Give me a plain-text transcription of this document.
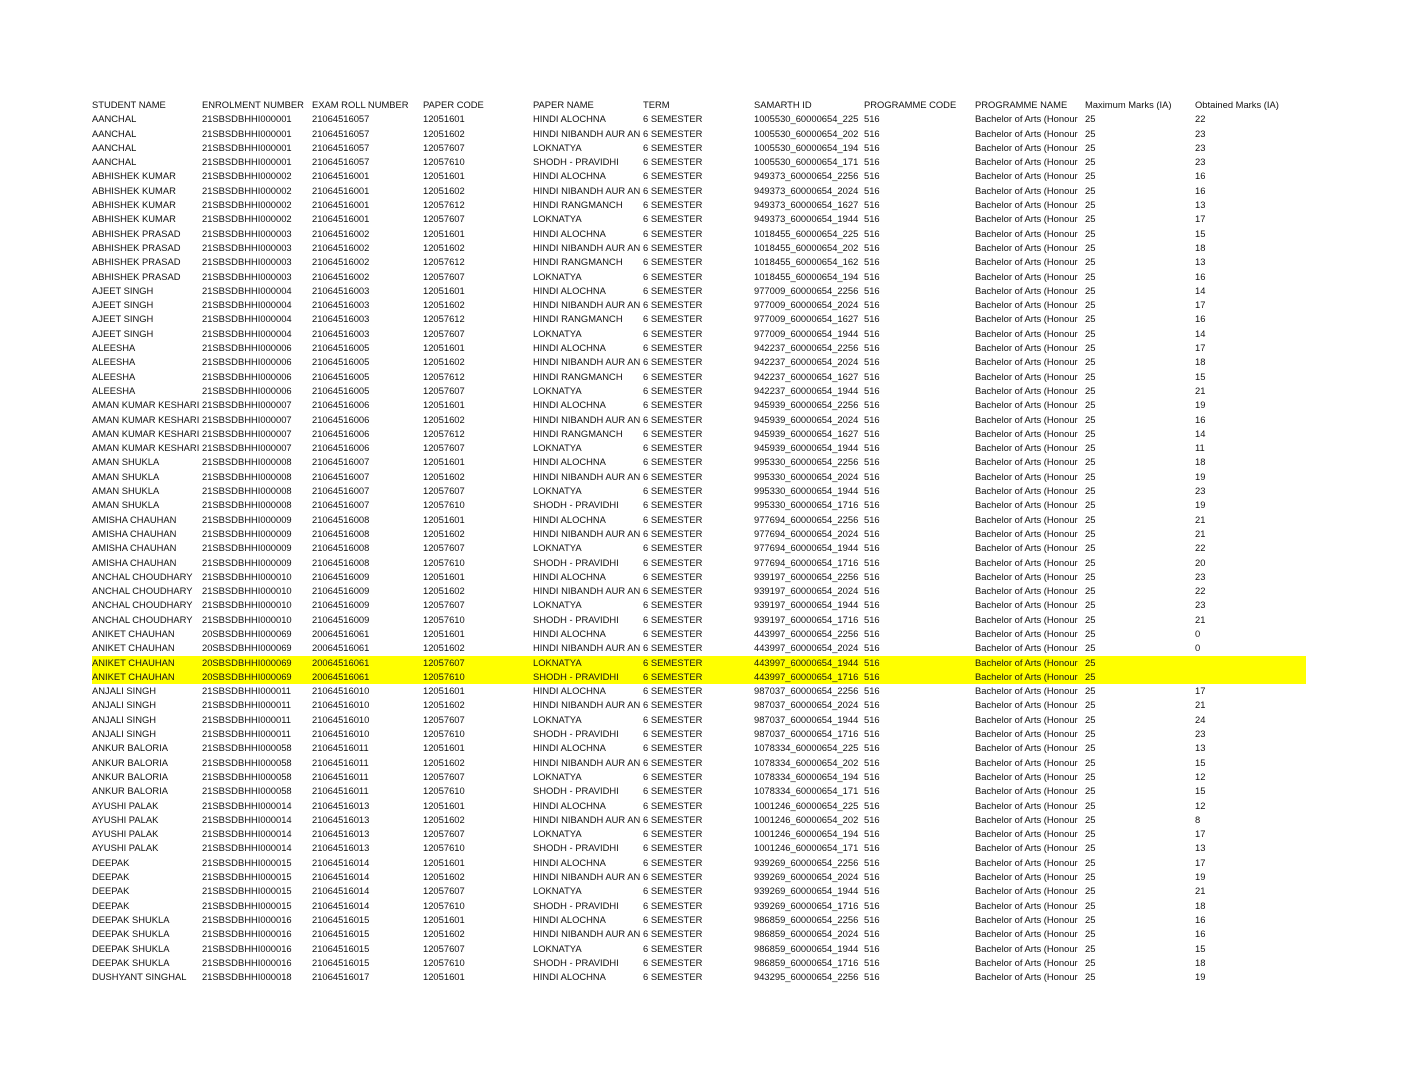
STUDENT NAME	ENROLMENT NUMBER EXAM ROLL NUMBER	PAPER CODE	PAPER NAME	TERM	SAMARTH ID	PROGRAMME CODE	PROGRAMME NAME	Maximum Marks (IA)	Obtained Marks (IA)
AANCHAL	21SBSDBHHI000001	21064516057	12051601	HINDI ALOCHNA	6 SEMESTER	1005530_60000654_225 516	Bachelor of Arts (Honour 25	22
AANCHAL	21SBSDBHHI000001	21064516057	12051602	HINDI NIBANDH AUR AN 6 SEMESTER	1005530_60000654_202 516	Bachelor of Arts (Honour 25	23
AANCHAL	21SBSDBHHI000001	21064516057	12057607	LOKNATYA	6 SEMESTER	1005530_60000654_194 516	Bachelor of Arts (Honour 25	23
AANCHAL	21SBSDBHHI000001	21064516057	12057610	SHODH - PRAVIDHI	6 SEMESTER	1005530_60000654_171 516	Bachelor of Arts (Honour 25	23
ABHISHEK KUMAR	21SBSDBHHI000002	21064516001	12051601	HINDI ALOCHNA	6 SEMESTER	949373_60000654_2256 516	Bachelor of Arts (Honour 25	16
ABHISHEK KUMAR	21SBSDBHHI000002	21064516001	12051602	HINDI NIBANDH AUR AN 6 SEMESTER	949373_60000654_2024 516	Bachelor of Arts (Honour 25	16
ABHISHEK KUMAR	21SBSDBHHI000002	21064516001	12057612	HINDI RANGMANCH	6 SEMESTER	949373_60000654_1627 516	Bachelor of Arts (Honour 25	13
ABHISHEK KUMAR	21SBSDBHHI000002	21064516001	12057607	LOKNATYA	6 SEMESTER	949373_60000654_1944 516	Bachelor of Arts (Honour 25	17
ABHISHEK PRASAD	21SBSDBHHI000003	21064516002	12051601	HINDI ALOCHNA	6 SEMESTER	1018455_60000654_225 516	Bachelor of Arts (Honour 25	15
ABHISHEK PRASAD	21SBSDBHHI000003	21064516002	12051602	HINDI NIBANDH AUR AN 6 SEMESTER	1018455_60000654_202 516	Bachelor of Arts (Honour 25	18
ABHISHEK PRASAD	21SBSDBHHI000003	21064516002	12057612	HINDI RANGMANCH	6 SEMESTER	1018455_60000654_162 516	Bachelor of Arts (Honour 25	13
ABHISHEK PRASAD	21SBSDBHHI000003	21064516002	12057607	LOKNATYA	6 SEMESTER	1018455_60000654_194 516	Bachelor of Arts (Honour 25	16
AJEET SINGH	21SBSDBHHI000004	21064516003	12051601	HINDI ALOCHNA	6 SEMESTER	977009_60000654_2256 516	Bachelor of Arts (Honour 25	14
AJEET SINGH	21SBSDBHHI000004	21064516003	12051602	HINDI NIBANDH AUR AN 6 SEMESTER	977009_60000654_2024 516	Bachelor of Arts (Honour 25	17
AJEET SINGH	21SBSDBHHI000004	21064516003	12057612	HINDI RANGMANCH	6 SEMESTER	977009_60000654_1627 516	Bachelor of Arts (Honour 25	16
AJEET SINGH	21SBSDBHHI000004	21064516003	12057607	LOKNATYA	6 SEMESTER	977009_60000654_1944 516	Bachelor of Arts (Honour 25	14
ALEESHA	21SBSDBHHI000006	21064516005	12051601	HINDI ALOCHNA	6 SEMESTER	942237_60000654_2256 516	Bachelor of Arts (Honour 25	17
ALEESHA	21SBSDBHHI000006	21064516005	12051602	HINDI NIBANDH AUR AN 6 SEMESTER	942237_60000654_2024 516	Bachelor of Arts (Honour 25	18
ALEESHA	21SBSDBHHI000006	21064516005	12057612	HINDI RANGMANCH	6 SEMESTER	942237_60000654_1627 516	Bachelor of Arts (Honour 25	15
ALEESHA	21SBSDBHHI000006	21064516005	12057607	LOKNATYA	6 SEMESTER	942237_60000654_1944 516	Bachelor of Arts (Honour 25	21
AMAN KUMAR KESHARI 21SBSDBHHI000007	21064516006	12051601	HINDI ALOCHNA	6 SEMESTER	945939_60000654_2256 516	Bachelor of Arts (Honour 25	19
AMAN KUMAR KESHARI 21SBSDBHHI000007	21064516006	12051602	HINDI NIBANDH AUR AN 6 SEMESTER	945939_60000654_2024 516	Bachelor of Arts (Honour 25	16
AMAN KUMAR KESHARI 21SBSDBHHI000007	21064516006	12057612	HINDI RANGMANCH	6 SEMESTER	945939_60000654_1627 516	Bachelor of Arts (Honour 25	14
AMAN KUMAR KESHARI 21SBSDBHHI000007	21064516006	12057607	LOKNATYA	6 SEMESTER	945939_60000654_1944 516	Bachelor of Arts (Honour 25	11
AMAN SHUKLA	21SBSDBHHI000008	21064516007	12051601	HINDI ALOCHNA	6 SEMESTER	995330_60000654_2256 516	Bachelor of Arts (Honour 25	18
AMAN SHUKLA	21SBSDBHHI000008	21064516007	12051602	HINDI NIBANDH AUR AN 6 SEMESTER	995330_60000654_2024 516	Bachelor of Arts (Honour 25	19
AMAN SHUKLA	21SBSDBHHI000008	21064516007	12057607	LOKNATYA	6 SEMESTER	995330_60000654_1944 516	Bachelor of Arts (Honour 25	23
AMAN SHUKLA	21SBSDBHHI000008	21064516007	12057610	SHODH - PRAVIDHI	6 SEMESTER	995330_60000654_1716 516	Bachelor of Arts (Honour 25	19
AMISHA CHAUHAN	21SBSDBHHI000009	21064516008	12051601	HINDI ALOCHNA	6 SEMESTER	977694_60000654_2256 516	Bachelor of Arts (Honour 25	21
AMISHA CHAUHAN	21SBSDBHHI000009	21064516008	12051602	HINDI NIBANDH AUR AN 6 SEMESTER	977694_60000654_2024 516	Bachelor of Arts (Honour 25	21
AMISHA CHAUHAN	21SBSDBHHI000009	21064516008	12057607	LOKNATYA	6 SEMESTER	977694_60000654_1944 516	Bachelor of Arts (Honour 25	22
AMISHA CHAUHAN	21SBSDBHHI000009	21064516008	12057610	SHODH - PRAVIDHI	6 SEMESTER	977694_60000654_1716 516	Bachelor of Arts (Honour 25	20
ANCHAL CHOUDHARY	21SBSDBHHI000010	21064516009	12051601	HINDI ALOCHNA	6 SEMESTER	939197_60000654_2256 516	Bachelor of Arts (Honour 25	23
ANCHAL CHOUDHARY	21SBSDBHHI000010	21064516009	12051602	HINDI NIBANDH AUR AN 6 SEMESTER	939197_60000654_2024 516	Bachelor of Arts (Honour 25	22
ANCHAL CHOUDHARY	21SBSDBHHI000010	21064516009	12057607	LOKNATYA	6 SEMESTER	939197_60000654_1944 516	Bachelor of Arts (Honour 25	23
ANCHAL CHOUDHARY	21SBSDBHHI000010	21064516009	12057610	SHODH - PRAVIDHI	6 SEMESTER	939197_60000654_1716 516	Bachelor of Arts (Honour 25	21
ANIKET CHAUHAN	20SBSDBHHI000069	20064516061	12051601	HINDI ALOCHNA	6 SEMESTER	443997_60000654_2256 516	Bachelor of Arts (Honour 25	0
ANIKET CHAUHAN	20SBSDBHHI000069	20064516061	12051602	HINDI NIBANDH AUR AN 6 SEMESTER	443997_60000654_2024 516	Bachelor of Arts (Honour 25	0
ANIKET CHAUHAN	20SBSDBHHI000069	20064516061	12057607	LOKNATYA	6 SEMESTER	443997_60000654_1944 516	Bachelor of Arts (Honour 25
ANIKET CHAUHAN	20SBSDBHHI000069	20064516061	12057610	SHODH - PRAVIDHI	6 SEMESTER	443997_60000654_1716 516	Bachelor of Arts (Honour 25
ANJALI SINGH	21SBSDBHHI000011	21064516010	12051601	HINDI ALOCHNA	6 SEMESTER	987037_60000654_2256 516	Bachelor of Arts (Honour 25	17
ANJALI SINGH	21SBSDBHHI000011	21064516010	12051602	HINDI NIBANDH AUR AN 6 SEMESTER	987037_60000654_2024 516	Bachelor of Arts (Honour 25	21
ANJALI SINGH	21SBSDBHHI000011	21064516010	12057607	LOKNATYA	6 SEMESTER	987037_60000654_1944 516	Bachelor of Arts (Honour 25	24
ANJALI SINGH	21SBSDBHHI000011	21064516010	12057610	SHODH - PRAVIDHI	6 SEMESTER	987037_60000654_1716 516	Bachelor of Arts (Honour 25	23
ANKUR BALORIA	21SBSDBHHI000058	21064516011	12051601	HINDI ALOCHNA	6 SEMESTER	1078334_60000654_225 516	Bachelor of Arts (Honour 25	13
ANKUR BALORIA	21SBSDBHHI000058	21064516011	12051602	HINDI NIBANDH AUR AN 6 SEMESTER	1078334_60000654_202 516	Bachelor of Arts (Honour 25	15
ANKUR BALORIA	21SBSDBHHI000058	21064516011	12057607	LOKNATYA	6 SEMESTER	1078334_60000654_194 516	Bachelor of Arts (Honour 25	12
ANKUR BALORIA	21SBSDBHHI000058	21064516011	12057610	SHODH - PRAVIDHI	6 SEMESTER	1078334_60000654_171 516	Bachelor of Arts (Honour 25	15
AYUSHI PALAK	21SBSDBHHI000014	21064516013	12051601	HINDI ALOCHNA	6 SEMESTER	1001246_60000654_225 516	Bachelor of Arts (Honour 25	12
AYUSHI PALAK	21SBSDBHHI000014	21064516013	12051602	HINDI NIBANDH AUR AN 6 SEMESTER	1001246_60000654_202 516	Bachelor of Arts (Honour 25	8
AYUSHI PALAK	21SBSDBHHI000014	21064516013	12057607	LOKNATYA	6 SEMESTER	1001246_60000654_194 516	Bachelor of Arts (Honour 25	17
AYUSHI PALAK	21SBSDBHHI000014	21064516013	12057610	SHODH - PRAVIDHI	6 SEMESTER	1001246_60000654_171 516	Bachelor of Arts (Honour 25	13
DEEPAK	21SBSDBHHI000015	21064516014	12051601	HINDI ALOCHNA	6 SEMESTER	939269_60000654_2256 516	Bachelor of Arts (Honour 25	17
DEEPAK	21SBSDBHHI000015	21064516014	12051602	HINDI NIBANDH AUR AN 6 SEMESTER	939269_60000654_2024 516	Bachelor of Arts (Honour 25	19
DEEPAK	21SBSDBHHI000015	21064516014	12057607	LOKNATYA	6 SEMESTER	939269_60000654_1944 516	Bachelor of Arts (Honour 25	21
DEEPAK	21SBSDBHHI000015	21064516014	12057610	SHODH - PRAVIDHI	6 SEMESTER	939269_60000654_1716 516	Bachelor of Arts (Honour 25	18
DEEPAK SHUKLA	21SBSDBHHI000016	21064516015	12051601	HINDI ALOCHNA	6 SEMESTER	986859_60000654_2256 516	Bachelor of Arts (Honour 25	16
DEEPAK SHUKLA	21SBSDBHHI000016	21064516015	12051602	HINDI NIBANDH AUR AN 6 SEMESTER	986859_60000654_2024 516	Bachelor of Arts (Honour 25	16
DEEPAK SHUKLA	21SBSDBHHI000016	21064516015	12057607	LOKNATYA	6 SEMESTER	986859_60000654_1944 516	Bachelor of Arts (Honour 25	15
DEEPAK SHUKLA	21SBSDBHHI000016	21064516015	12057610	SHODH - PRAVIDHI	6 SEMESTER	986859_60000654_1716 516	Bachelor of Arts (Honour 25	18
DUSHYANT SINGHAL	21SBSDBHHI000018	21064516017	12051601	HINDI ALOCHNA	6 SEMESTER	943295_60000654_2256 516	Bachelor of Arts (Honour 25	19
